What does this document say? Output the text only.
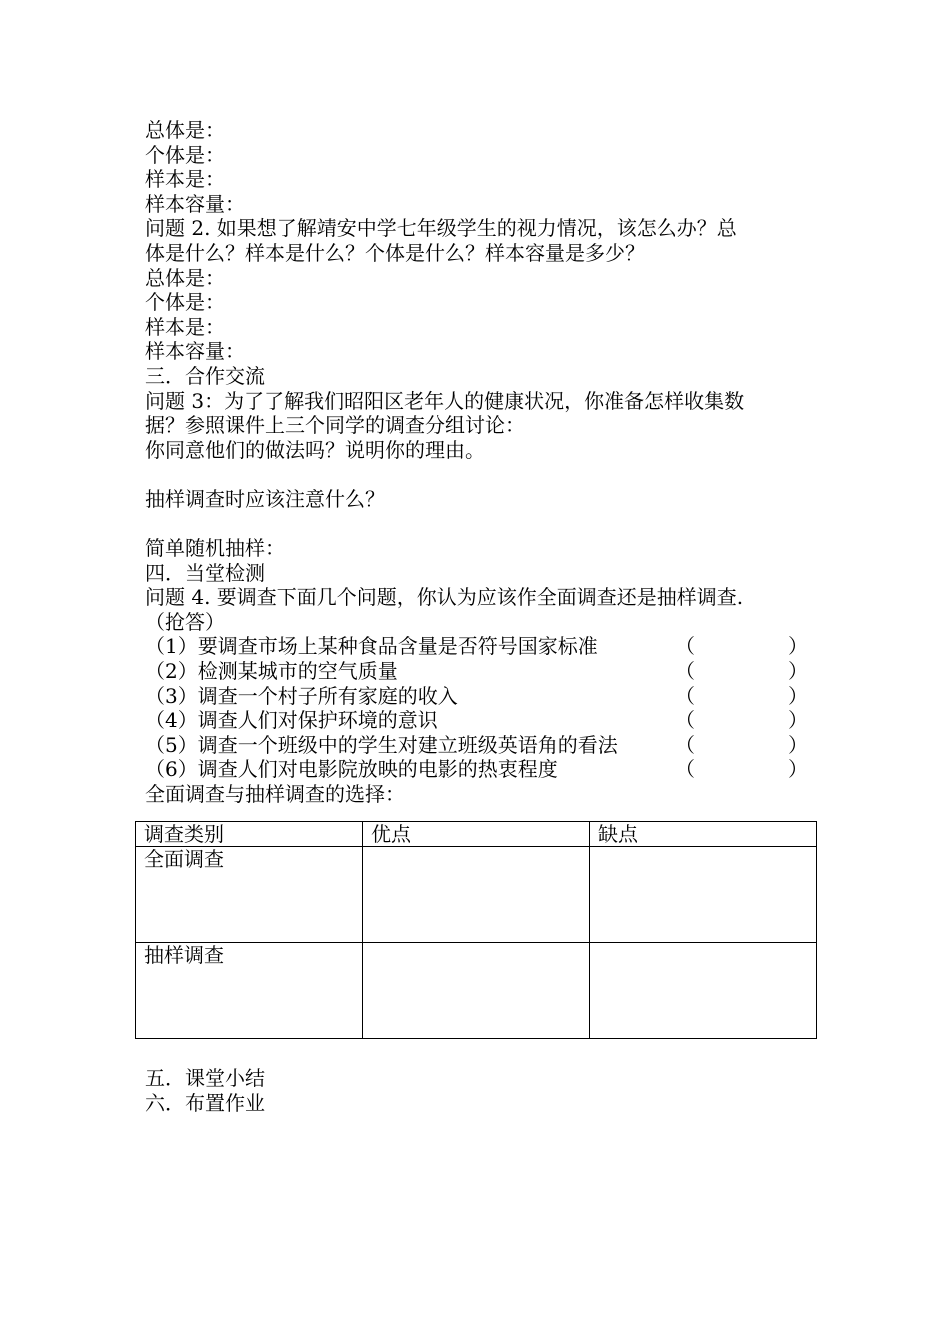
总体是：
个体是：
样本是：
样本容量：
问题 2. 如果想了解靖安中学七年级学生的视力情况，该怎么办？总
体是什么？样本是什么？个体是什么？样本容量是多少？
总体是：
个体是：
样本是：
样本容量：
三．合作交流
问题 3：为了了解我们昭阳区老年人的健康状况，你准备怎样收集数
据？参照课件上三个同学的调查分组讨论：
你同意他们的做法吗？说明你的理由。
抽样调查时应该注意什么？
简单随机抽样：
四．当堂检测
问题 4. 要调查下面几个问题，你认为应该作全面调查还是抽样调查.
（抢答）
（1）要调查市场上某种食品含量是否符号国家标准	（	）
（2）检测某城市的空气质量	（	）
（3）调查一个村子所有家庭的收入	（	）
（4）调查人们对保护环境的意识	（	）
（5）调查一个班级中的学生对建立班级英语角的看法	（	）
（6）调查人们对电影院放映的电影的热衷程度	（	）
全面调查与抽样调查的选择：
调查类别	优点	缺点
全面调查		
抽样调查		
五．课堂小结
六．布置作业
